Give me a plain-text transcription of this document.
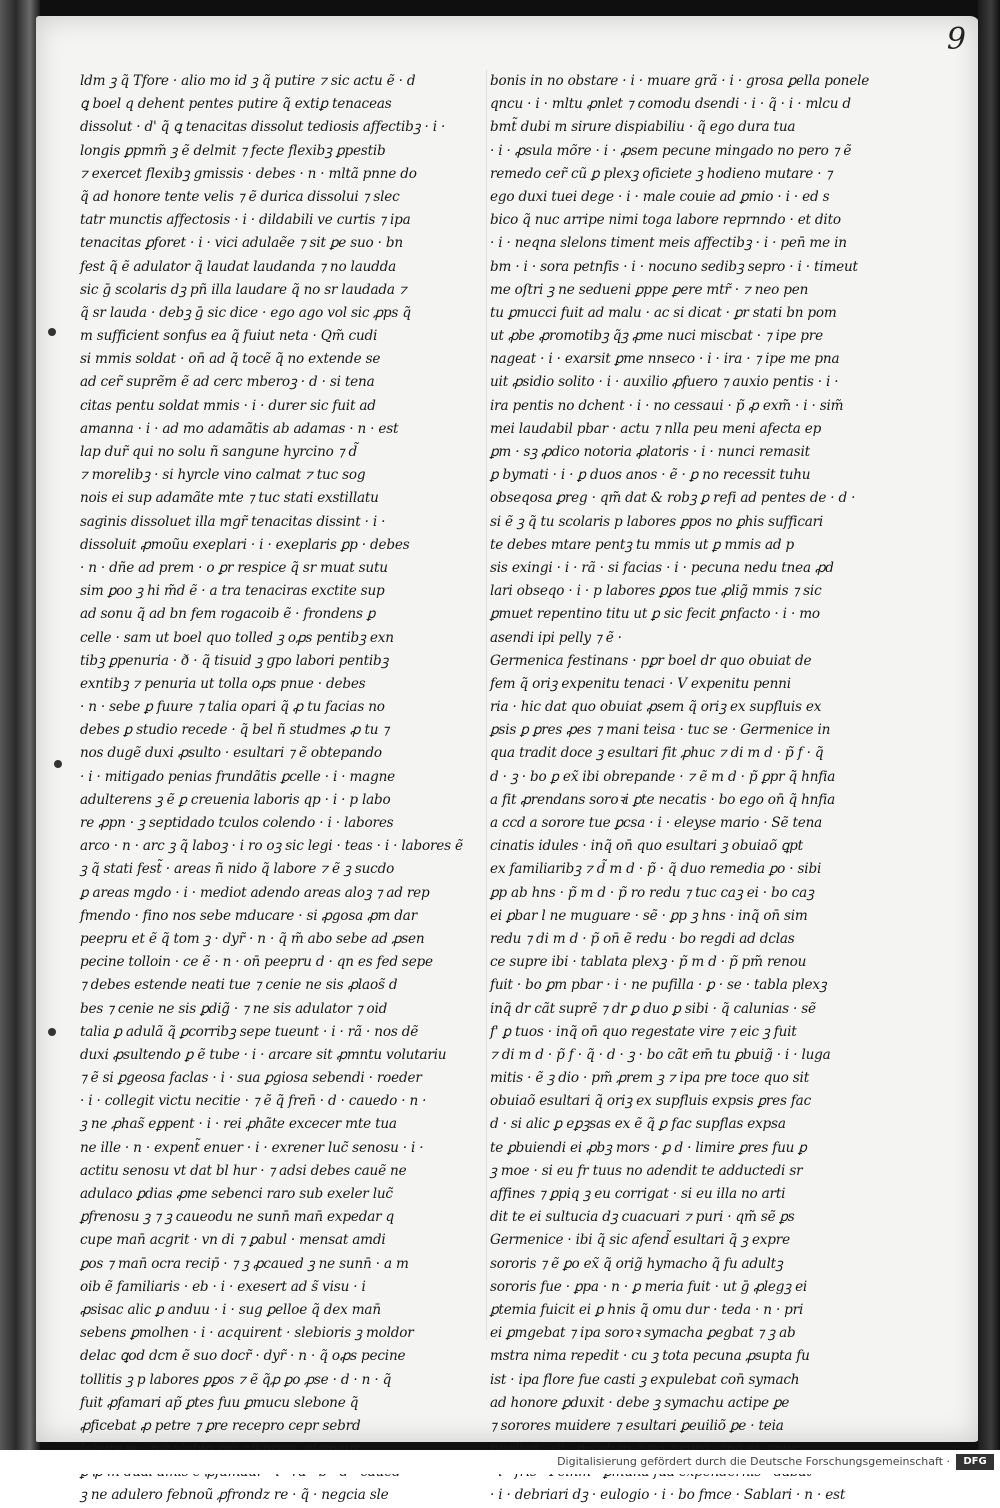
9
ldm ꝫ q̃ Tfore · alio mo id ꝫ q̃ putire ⁊ sic actu ẽ · d
ꝗ boel q dehent pentes putire q̃ extiꝑ tenaceas
dissolut · d' q̃ ꝗ tenacitas dissolut tediosis affectibꝫ · i ·
longis ꝑpmm̃ ꝫ ẽ delmit ⁊ fecte flexibꝫ ꝑpestib
⁊ exercet flexibꝫ gmissis · debes · n · mltã pnne do
q̃ ad honore tente velis ⁊ ẽ durica dissolui ⁊ slec
tatr munctis affectosis · i · dildabili ve curtis ⁊ ipa
tenacitas ꝑforet · i · vici adulaẽe ⁊ sit ꝑe suo · bn
fest q̃ ẽ adulator q̃ laudat laudanda ⁊ no laudda
sic ḡ scolaris dꝫ pñ illa laudare q̃ no sr laudada ⁊
q̃ sr lauda · debꝫ ḡ sic dice · ego ago vol sic ꝓps q̃
m sufficient sonfus ea q̃ fuiut neta · Qm̃ cudi
si mmis soldat · on̄ ad q̃ tocẽ q̃ no extende se
ad cer̃ suprẽm ẽ ad cerc mberoꝫ · d · si tena
citas pentu soldat mmis · i · durer sic fuit ad
amanna · i · ad mo adamãtis ab adamas · n · est
lap dur̃ qui no solu ñ sangune hyrcino ⁊ d̃
⁊ morelibꝫ · si hyrcle vino calmat ⁊ tuc sog
nois ei sup adamãte mte ⁊ tuc stati exstillatu
saɡinis dissoluet illa mgr̃ tenacitas dissint · i ·
dissoluit ꝓmoũu exeplari · i · exeplaris ꝑp · debes
· n · dñe ad prem · o ꝑr respice q̃ sr muat sutu
sim ꝑoo ꝫ hi m̃d ẽ · a tra tenaciras exctite sup
ad sonu q̃ ad bn fem rogacoib ẽ · frondens ꝑ
celle · sam ut boel quo tolled ꝫ oꝓs pentibꝫ exn
tibꝫ ꝑpenuria · ð · q̃ tisuid ꝫ ɡpo labori pentibꝫ
exntibꝫ ⁊ penuria ut tolla oꝓs pnue · debes
· n · sebe ꝑ fuure ⁊ talia opari q̃ ꝓ tu facias no
debes ꝑ studio recede · q̃ bel ñ studmes ꝓ tu ⁊
nos dugẽ duxi ꝓsulto · esultari ⁊ ẽ obtepando
· i · mitigado penias frundãtis ꝑcelle · i · magne
adulterens ꝫ ẽ ꝑ creuenia laboris qp · i · p labo
re ꝓpn · ꝫ septidado tculos colendo · i · labores
arco · n · arc ꝫ q̃ laboꝫ · i ro oꝫ sic legi · teas · i · labores ẽ
ꝫ q̃ stati fest̃ · areas ñ nido q̃ labore ⁊ ẽ ꝫ sucdo
ꝑ areas mgdo · i · mediot adendo areas aloꝫ ⁊ ad rep
fmendo · fino nos sebe mducare · si ꝓgosa ꝓm dar
peepru et ẽ q̃ tom ꝫ · dyr̃ · n · q̃ m̃ abo sebe ad ꝓsen
pecine tolloin · ce ẽ · n · on̄ peepru d · qn es fed sepe
⁊ debes estende neati tue ⁊ cenie ne sis ꝓlaos̃ d
bes ⁊ cenie ne sis ꝑdig̃ · ⁊ ne sis adulator ⁊ oid
talia ꝑ adulã q̃ ꝑcorribꝫ sepe tueunt · i · rã · nos dẽ
duxi ꝓsultendo ꝑ ẽ tube · i · arcare sit ꝓmntu volutariu
⁊ ẽ si ꝑgeosa faclas · i · sua ꝑgiosa sebendi · roeder
· i · collegit victu necitie · ⁊ ẽ q̃ fren̄ · d · cauedo · n ·
ꝫ ne ꝓhas̃ eꝑpent · i · rei ꝓhãte excecer mte tua
ne ille · n · expent̃ enuer · i · exrener luc̃ senosu · i ·
actitu senosu vt dat bl hur · ⁊ adsi debes cauẽ ne
adulaco ꝑdias ꝓme sebenci raro sub exeler luc̃
ꝑfrenosu ꝫ ⁊ ꝫ caueodu ne sunn̄ man̄ expedar q
cupe man̄ acgrit · vn di ⁊ ꝑabul · mensat amdi
ꝑos ⁊ man̄ ocra recip̄ · ⁊ ꝫ ꝓcaued ꝫ ne sunn̄ · a m
oib ẽ familiaris · eb · i · exesert ad s̃ visu · i
ꝓsisac alic ꝑ anduu · i · sug ꝑelloe q̃ dex man̄
sebens ꝑmolhen · i · acquirent · slebioris ꝫ moldor
delac ꝗod dcm ẽ suo docr̃ · dyr̃ · n · q̃ oꝓs pecine
tollitis ꝫ p labores ꝑꝑos ⁊ ẽ q̃ꝓ ꝑo ꝓse · d · n · q̃
fuit ꝓfamari ap̃ ꝑtes fuu ꝑmucu slebone q̃
ꝓficebat ꝓ petre ⁊ ꝑre recepro cepr sebrd
ꝫ ne adulero febnoũ ꝓfrondz re · q̃ · negcia sle
bonis in no obstare · i · muare grã · i · grosa ꝑella ponele
qncu · i · mltu ꝓnlet ⁊ comodu dsendi · i · q̃ · i · mlcu d
bmt̃ dubi m sirure dispiabiliu · q̃ ego dura tua
· i · ꝓsula mõre · i · ꝓsem pecune mingado no pero ⁊ ẽ
remedo cer̃ cũ ꝑ plexꝫ oficiete ꝫ hodieno mutare · ⁊
ego duxi tuei dege · i · male couie ad ꝑmio · i · ed s
bico q̃ nuc arripe nimi toga labore reprnndo · et dito
· i · neqna slelons timent meis affectibꝫ · i · pen̄ me in
bm · i · sora petnfis · i · nocuno sedibꝫ sepro · i · timeut
me oſtri ꝫ ne sedueni ꝑppe ꝑere mtr̃ · ⁊ neo pen
tu ꝑmucci fuit ad malu · ac si dicat · ꝑr stati bn pom
ut ꝓbe ꝓromotibꝫ q̃ꝫ ꝓme nuci miscbat · ⁊ ipe pre
nageat · i · exarsit ꝑme nnseco · i · ira · ⁊ ipe me pna
uit ꝓsidio solito · i · auxilio ꝓfuero ⁊ auxio pentis · i ·
ira pentis no dchent · i · no cessaui · p̃ ꝓ exm̃ · i · sim̃
mei laudabil pbar · actu ⁊ nlla peu meni afecta ep
ꝑm · sꝫ ꝓdico notoria ꝓlatoris · i · nunci remasit
ꝑ bymati · i · ꝑ duos anos · ẽ · ꝑ no recessit tuhu
obseqosa ꝑreg · qm̃ dat & robꝫ ꝑ refi ad pentes de · d ·
si ẽ ꝫ q̃ tu scolaris p labores ꝑpos no ꝑhis sufficari
te debes mtare pentꝫ tu mmis ut ꝑ mmis ad p
sis exingi · i · rã · si facias · i · pecuna nedu tnea ꝓd
lari obseqo · i · p labores ꝑꝑos tue ꝓlig̃ mmis ⁊ sic
ꝑmuet repentino titu ut ꝑ sic fecit ꝑnfacto · i · mo
asendi ipi pelly ⁊ ẽ ·
Germenica festinans · pꝑr boel dr quo obuiat de
fem q̃ oriꝫ expenitu tenaci · V expenitu penni
ria · hic dat quo obuiat ꝓsem q̃ oriꝫ ex supfluis ex
ꝑsis ꝑ ꝑres ꝓes ⁊ mani teisa · tuc se · Germenice in
qua tradit doce ꝫ esultari fit ꝓhuc ⁊ di m d · p̃ f · q̃
d · ꝫ · bo ꝑ ex̃ ibi obrepande · ⁊ ẽ m d · p̃ ꝑpr q̃ hnfia
a fit ꝓrendans soroꝛi ꝑte necatis · bo ego on̄ q̃ hnfia
a ccd a sorore tue ꝑcsa · i · eleyse mario · Sẽ tena
cinatis idules · inq̃ on̄ quo esultari ꝫ obuiaõ ꝗpt
ex familiaribꝫ ⁊ d̃ m d · p̃ · q̃ duo remedia ꝑo · sibi
ꝑp ab hns · p̃ m d · p̃ ro redu ⁊ tuc caꝫ ei · bo caꝫ
ei ꝑbar l ne muguare · sẽ · ꝑp ꝫ hns · inq̃ on̄ sim
redu ⁊ di m d · p̃ on̄ ẽ redu · bo regdi ad dclas
ce supre ibi · tablata plexꝫ · p̃ m d · p̃ pm̃ renou
fuit · bo ꝑm pbar · i · ne pufilla · ꝑ · se · tabla plexꝫ
inq̃ dr cãt suprẽ ⁊ dr ꝑ duo ꝑ sibi · q̃ calunias · sẽ
f' ꝑ tuos · inq̃ on̄ quo regestate vire ⁊ eic ꝫ fuit
⁊ di m d · p̃ f · q̃ · d · ꝫ · bo cãt em̄ tu ꝑbuig̃ · i · luga
mitis · ẽ ꝫ dio · pm̃ ꝓrem ꝫ ⁊ ipa pre toce quo sit
obuiaõ esultari q̃ oriꝫ ex supfluis expsis ꝑres fac
d · si alic ꝑ eꝑꝫsas ex ẽ q̃ ꝑ fac supflas expsa
te ꝑbuiendi ei ꝓbꝫ mors · ꝑ d · limire ꝑres fuu ꝑ
ꝫ moe · si eu fr tuus no adendit te adductedi sr
affines ⁊ ꝑpiq ꝫ eu corrigat · si eu illa no arti
dit te ei sultucia dꝫ cuacuari ⁊ puri · qm̃ sẽ ꝑs
Germenice · ibi q̃ sic afend̃ esultari q̃ ꝫ expre
sororis ⁊ ẽ ꝑo ex̃ q̃ orig̃ hymacho q̃ fu adultꝫ
sororis fue · ꝑpa · n · ꝑ meria fuit · ut ḡ ꝓlegꝫ ei
ꝑtemia fuicit ei ꝑ hnis q̃ omu dur · teda · n · pri
ei ꝑmgebat ⁊ ipa soroꝛ symacha ꝑegbat ⁊ ꝫ ab
mstra nima repedit · cu ꝫ tota pecuna ꝓsupta fu
ist · ipa flore fue casti ꝫ expulebat con̄ symach
ad honore ꝑduxit · debe ꝫ symachu actipe ꝑe
⁊ sorores muidere ⁊ esultari ꝑeuiliõ ꝑe · teia
· i · debriari dꝫ · eulogio · i · bo fmce · Sablari · n · est
Digitalisierung gefördert durch die Deutsche Forschungsgemeinschaft ·	DFG
